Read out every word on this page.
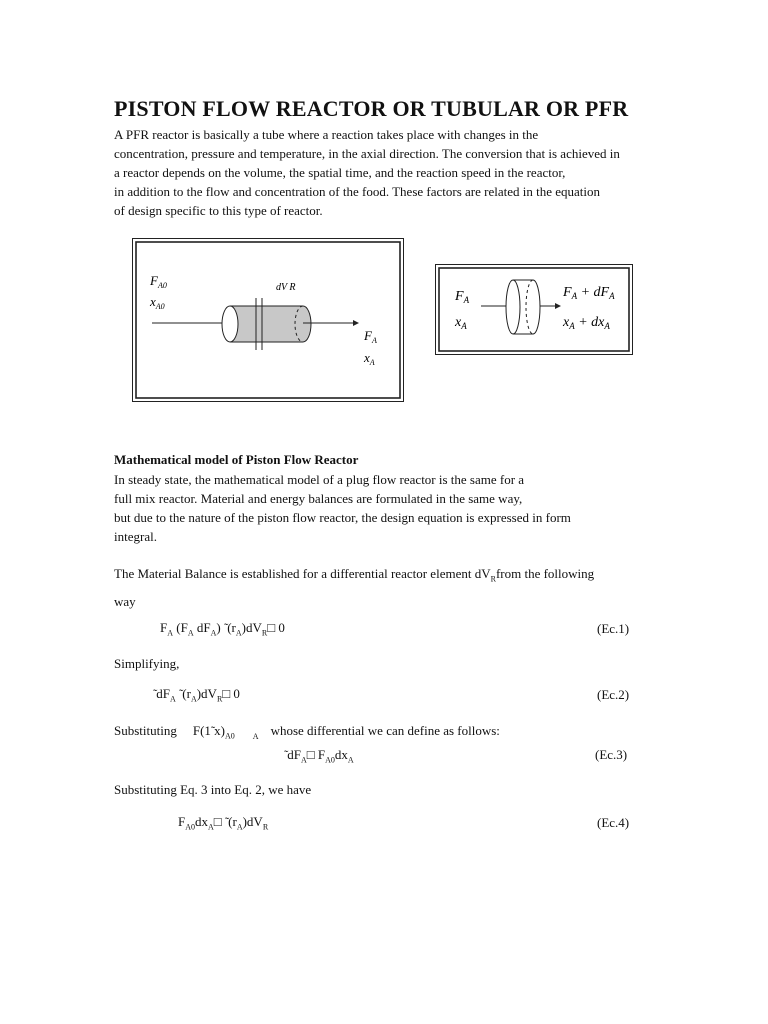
PISTON FLOW REACTOR OR TUBULAR OR PFR
A PFR reactor is basically a tube where a reaction takes place with changes in the
concentration, pressure and temperature, in the axial direction. The conversion that is achieved in
a reactor depends on the volume, the spatial time, and the reaction speed in the reactor,
in addition to the flow and concentration of the food. These factors are related in the equation
of design specific to this type of reactor.
$F_{A0}$
$x_{A0}$
dV R
$F_A$
$x_A$
$F_A$
$x_A$
$F_A + dF_A$
$x_A + dx_A$
Mathematical model of Piston Flow Reactor
In steady state, the mathematical model of a plug flow reactor is the same for a
full mix reactor. Material and energy balances are formulated in the same way,
but due to the nature of the piston flow reactor, the design equation is expressed in form
integral.
The Material Balance is established for a differential reactor element $dV_Rfrom$ the following
way
$F_A$ ($F_A$ $dF_A$) ̃ $(r_A)dV_R□$ 0	(Ec.1)
Simplifying,
̃ $dF_A$ ̃ $(r_A)dV_R□$ 0	(Ec.2)
Substituting F(1̃ $x)_{A0}$ $_A$ whose differential we can define as follows:
̃ $dF_A□$ $F_{A0}dx_A$	(Ec.3)
Substituting Eq. 3 into Eq. 2, we have
$F_{A0}dx_A□$ ̃ $(r_A)dV_R$	(Ec.4)
